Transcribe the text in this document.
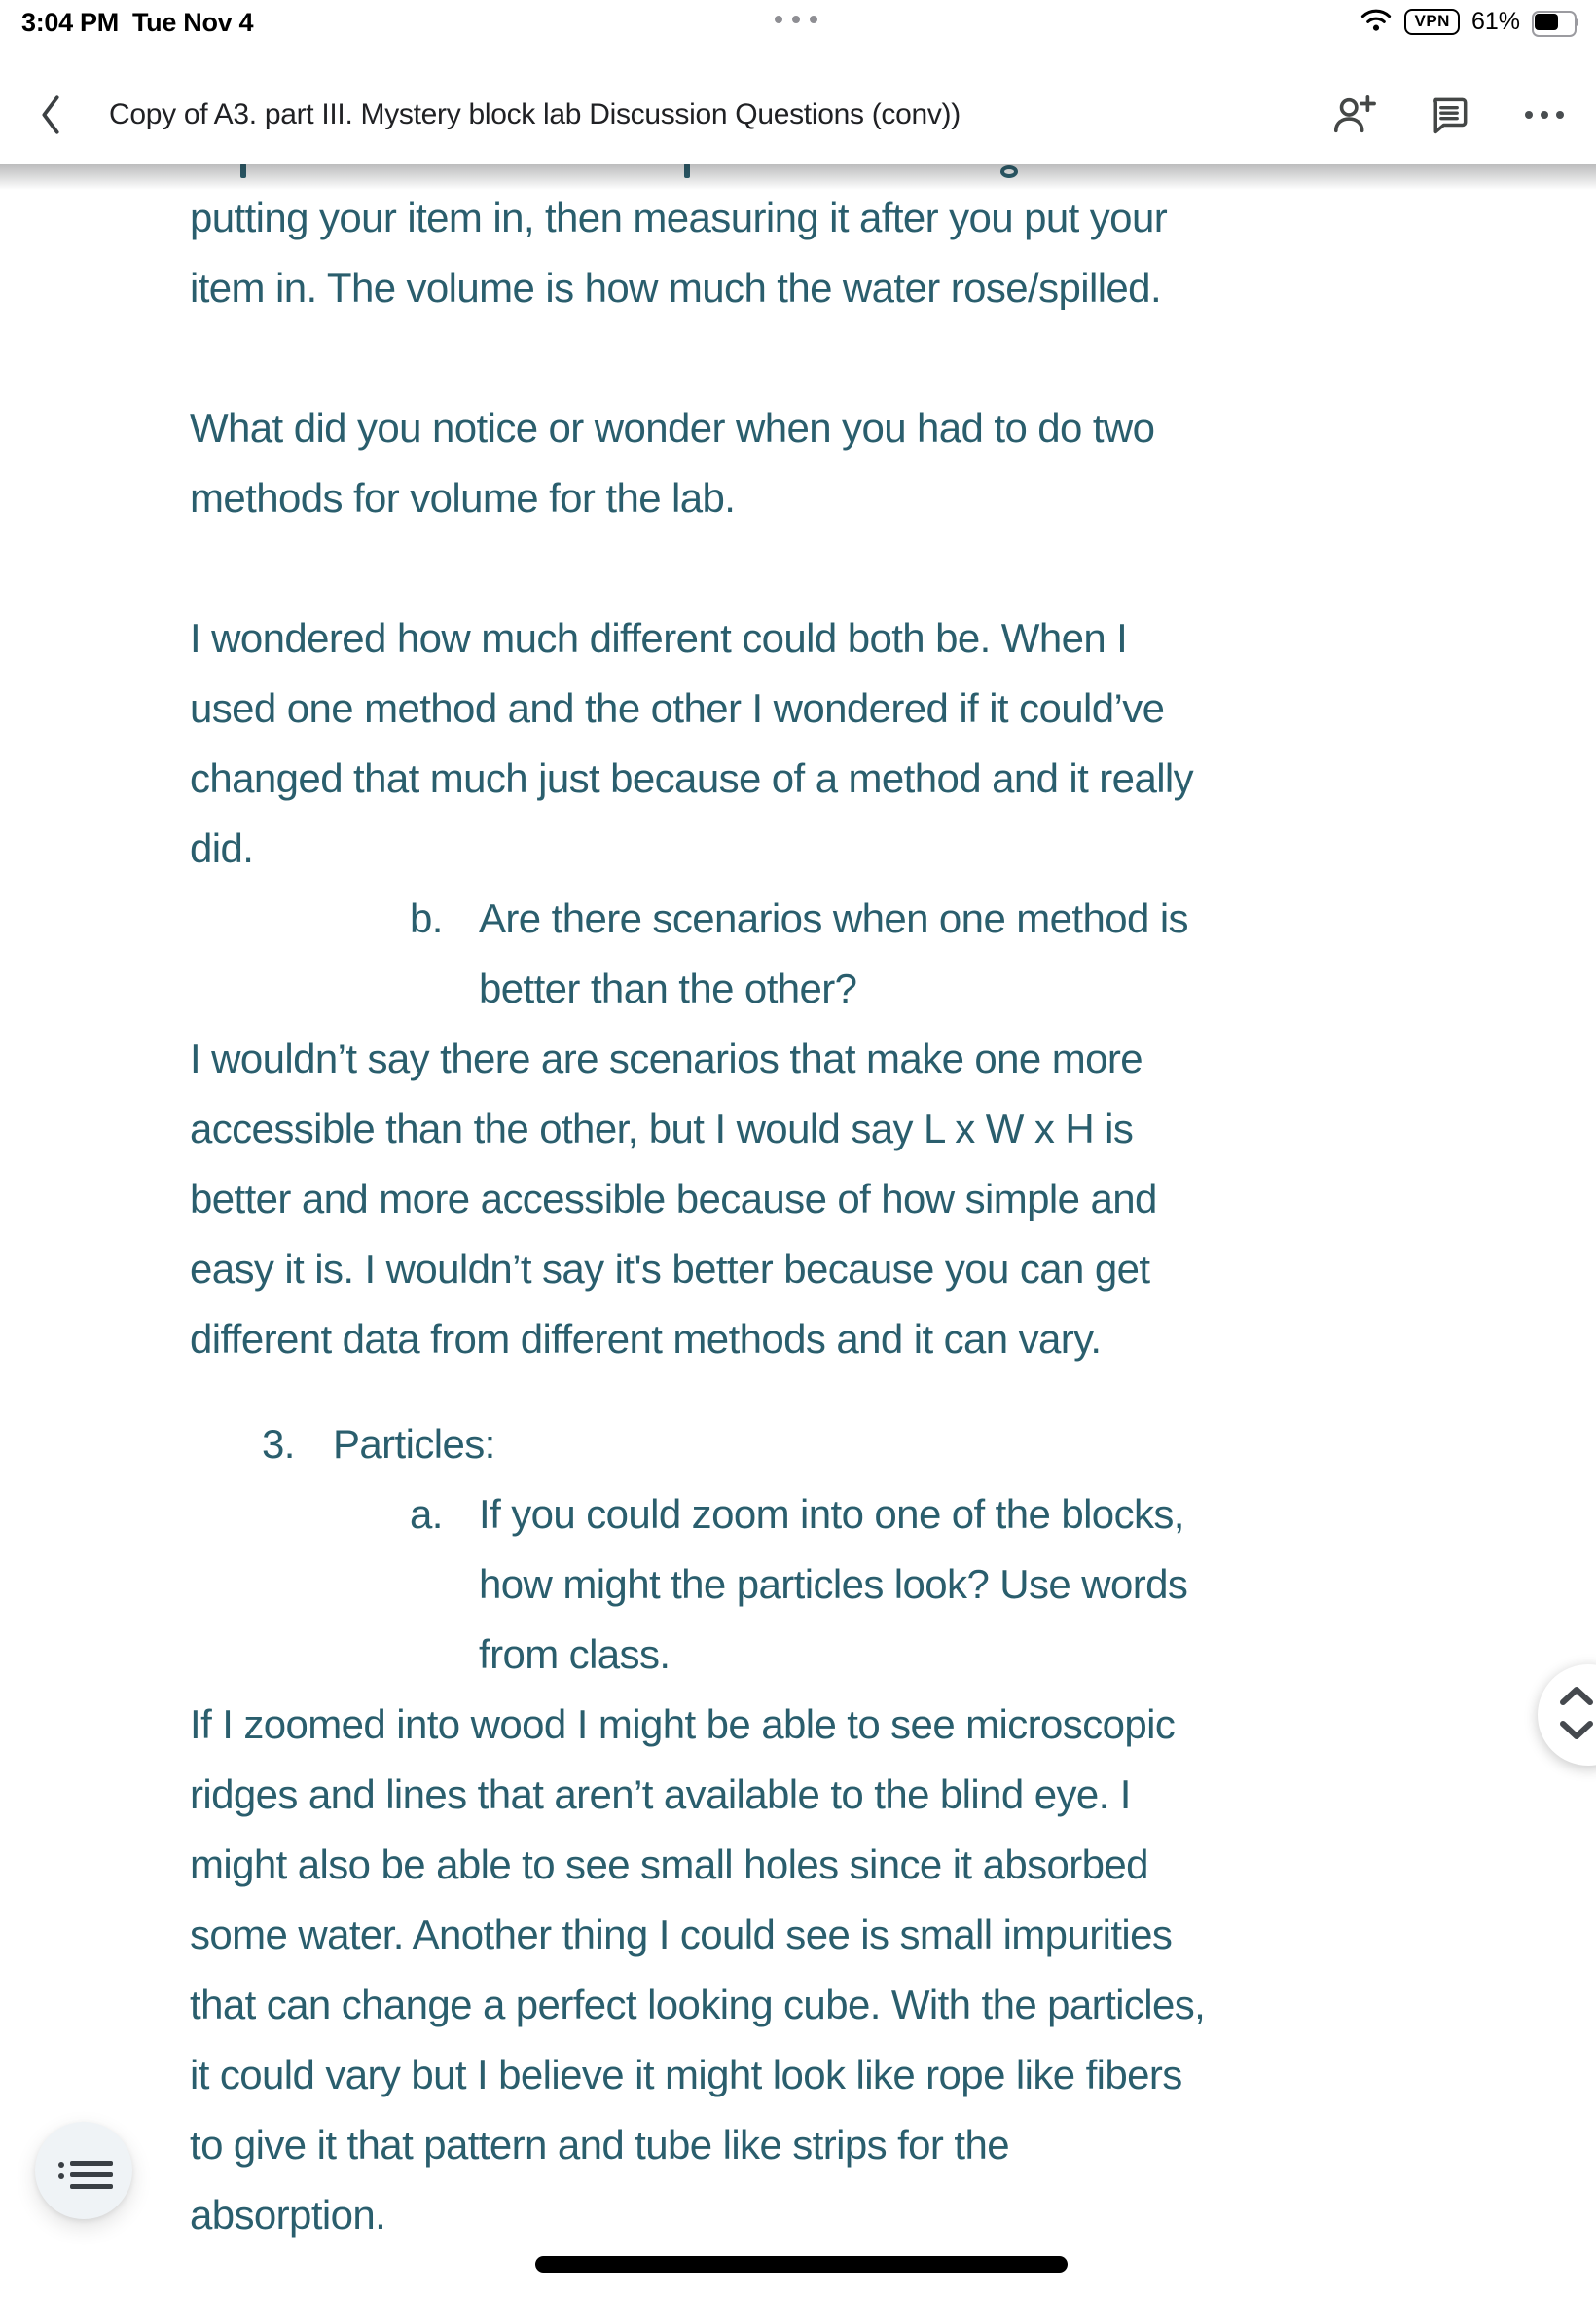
3:04 PM Tue Nov 4	VPN 61%
Copy of A3. part III. Mystery block lab Discussion Questions (conv))
putting your item in, then measuring it after you put your
item in. The volume is how much the water rose/spilled.
What did you notice or wonder when you had to do two
methods for volume for the lab.
I wondered how much different could both be. When I
used one method and the other I wondered if it could’ve
changed that much just because of a method and it really
did.
b. Are there scenarios when one method is
better than the other?
I wouldn’t say there are scenarios that make one more
accessible than the other, but I would say L x W x H is
better and more accessible because of how simple and
easy it is. I wouldn’t say it's better because you can get
different data from different methods and it can vary.
3. Particles:
a. If you could zoom into one of the blocks,
how might the particles look? Use words
from class.
If I zoomed into wood I might be able to see microscopic
ridges and lines that aren’t available to the blind eye. I
might also be able to see small holes since it absorbed
some water. Another thing I could see is small impurities
that can change a perfect looking cube. With the particles,
it could vary but I believe it might look like rope like fibers
to give it that pattern and tube like strips for the
absorption.
